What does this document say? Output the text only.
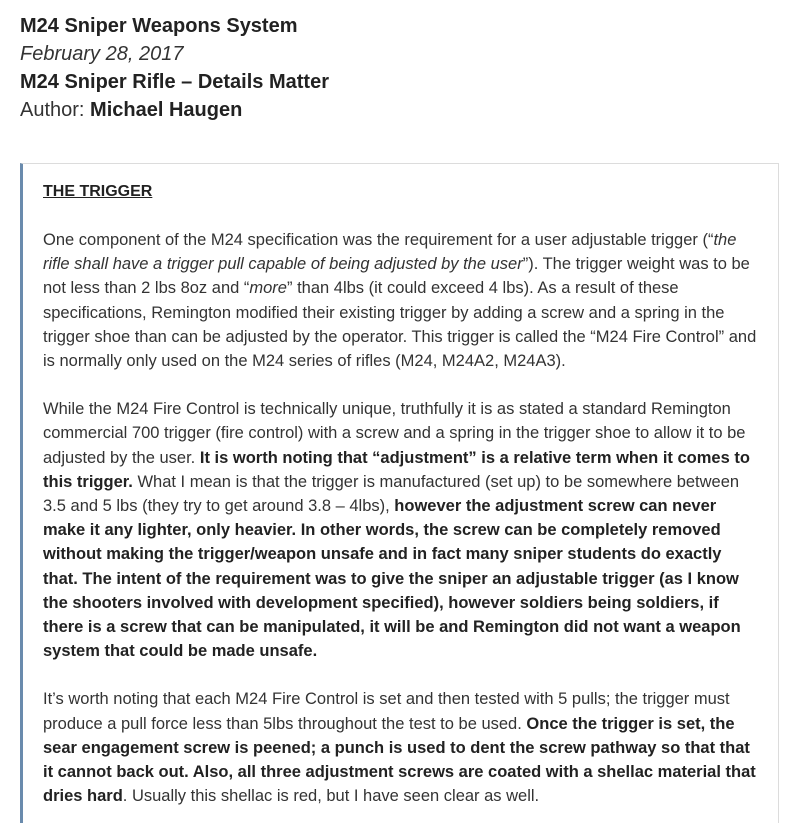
M24 Sniper Weapons System
February 28, 2017
M24 Sniper Rifle – Details Matter
Author: Michael Haugen
THE TRIGGER

One component of the M24 specification was the requirement for a user adjustable trigger (“the rifle shall have a trigger pull capable of being adjusted by the user”). The trigger weight was to be not less than 2 lbs 8oz and “more” than 4lbs (it could exceed 4 lbs). As a result of these specifications, Remington modified their existing trigger by adding a screw and a spring in the trigger shoe than can be adjusted by the operator. This trigger is called the “M24 Fire Control” and is normally only used on the M24 series of rifles (M24, M24A2, M24A3).

While the M24 Fire Control is technically unique, truthfully it is as stated a standard Remington commercial 700 trigger (fire control) with a screw and a spring in the trigger shoe to allow it to be adjusted by the user. It is worth noting that “adjustment” is a relative term when it comes to this trigger. What I mean is that the trigger is manufactured (set up) to be somewhere between 3.5 and 5 lbs (they try to get around 3.8 – 4lbs), however the adjustment screw can never make it any lighter, only heavier. In other words, the screw can be completely removed without making the trigger/weapon unsafe and in fact many sniper students do exactly that. The intent of the requirement was to give the sniper an adjustable trigger (as I know the shooters involved with development specified), however soldiers being soldiers, if there is a screw that can be manipulated, it will be and Remington did not want a weapon system that could be made unsafe.

It’s worth noting that each M24 Fire Control is set and then tested with 5 pulls; the trigger must produce a pull force less than 5lbs throughout the test to be used. Once the trigger is set, the sear engagement screw is peened; a punch is used to dent the screw pathway so that that it cannot back out. Also, all three adjustment screws are coated with a shellac material that dries hard. Usually this shellac is red, but I have seen clear as well.
